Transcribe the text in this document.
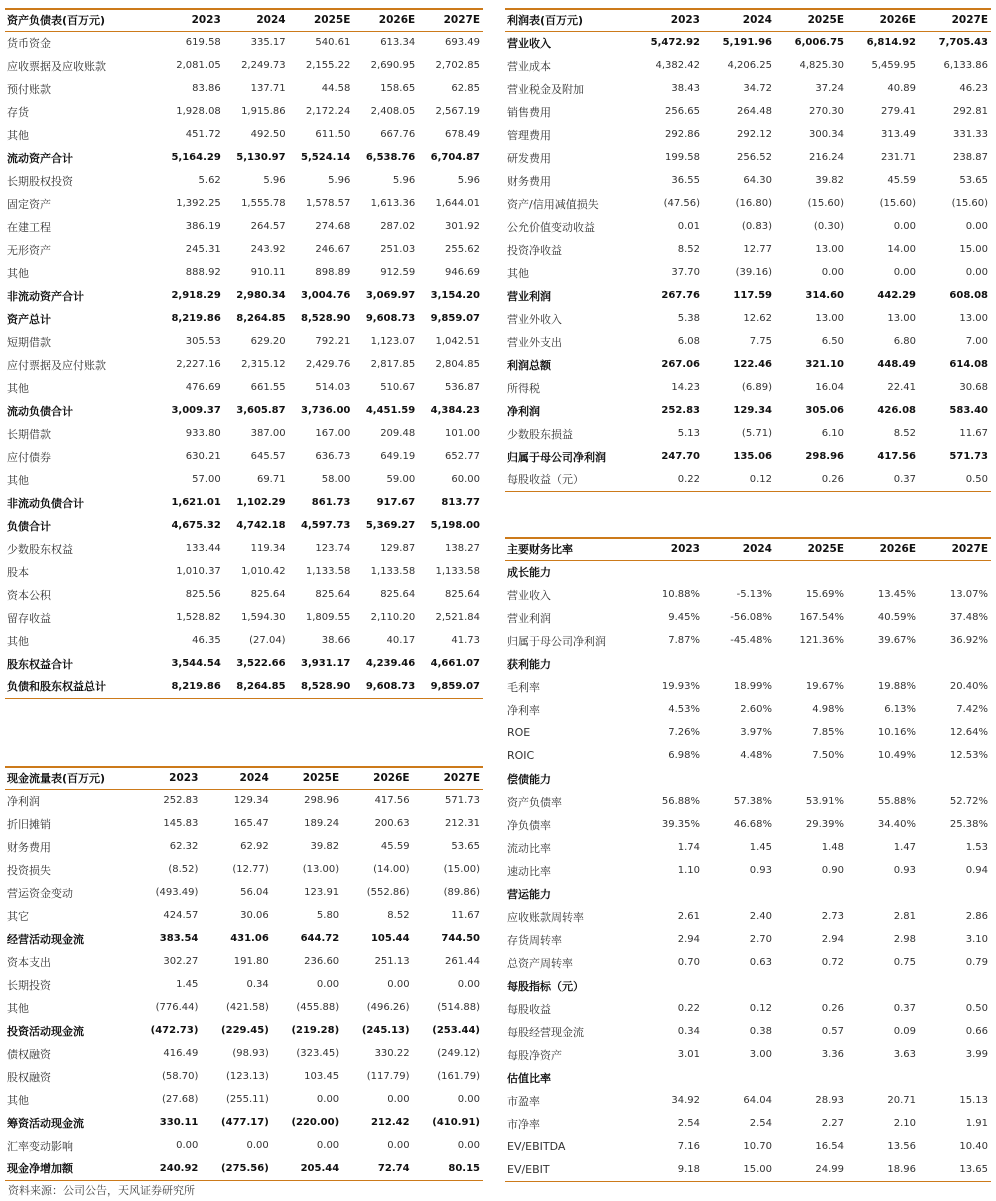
资产负债表(百万元)	2023	2024	2025E	2026E	2027E
货币资金	619.58	335.17	540.61	613.34	693.49
应收票据及应收账款	2,081.05	2,249.73	2,155.22	2,690.95	2,702.85
预付账款	83.86	137.71	44.58	158.65	62.85
存货	1,928.08	1,915.86	2,172.24	2,408.05	2,567.19
其他	451.72	492.50	611.50	667.76	678.49
流动资产合计	5,164.29	5,130.97	5,524.14	6,538.76	6,704.87
长期股权投资	5.62	5.96	5.96	5.96	5.96
固定资产	1,392.25	1,555.78	1,578.57	1,613.36	1,644.01
在建工程	386.19	264.57	274.68	287.02	301.92
无形资产	245.31	243.92	246.67	251.03	255.62
其他	888.92	910.11	898.89	912.59	946.69
非流动资产合计	2,918.29	2,980.34	3,004.76	3,069.97	3,154.20
资产总计	8,219.86	8,264.85	8,528.90	9,608.73	9,859.07
短期借款	305.53	629.20	792.21	1,123.07	1,042.51
应付票据及应付账款	2,227.16	2,315.12	2,429.76	2,817.85	2,804.85
其他	476.69	661.55	514.03	510.67	536.87
流动负债合计	3,009.37	3,605.87	3,736.00	4,451.59	4,384.23
长期借款	933.80	387.00	167.00	209.48	101.00
应付债券	630.21	645.57	636.73	649.19	652.77
其他	57.00	69.71	58.00	59.00	60.00
非流动负债合计	1,621.01	1,102.29	861.73	917.67	813.77
负债合计	4,675.32	4,742.18	4,597.73	5,369.27	5,198.00
少数股东权益	133.44	119.34	123.74	129.87	138.27
股本	1,010.37	1,010.42	1,133.58	1,133.58	1,133.58
资本公积	825.56	825.64	825.64	825.64	825.64
留存收益	1,528.82	1,594.30	1,809.55	2,110.20	2,521.84
其他	46.35	(27.04)	38.66	40.17	41.73
股东权益合计	3,544.54	3,522.66	3,931.17	4,239.46	4,661.07
负债和股东权益总计	8,219.86	8,264.85	8,528.90	9,608.73	9,859.07
利润表(百万元)	2023	2024	2025E	2026E	2027E
营业收入	5,472.92	5,191.96	6,006.75	6,814.92	7,705.43
营业成本	4,382.42	4,206.25	4,825.30	5,459.95	6,133.86
营业税金及附加	38.43	34.72	37.24	40.89	46.23
销售费用	256.65	264.48	270.30	279.41	292.81
管理费用	292.86	292.12	300.34	313.49	331.33
研发费用	199.58	256.52	216.24	231.71	238.87
财务费用	36.55	64.30	39.82	45.59	53.65
资产/信用减值损失	(47.56)	(16.80)	(15.60)	(15.60)	(15.60)
公允价值变动收益	0.01	(0.83)	(0.30)	0.00	0.00
投资净收益	8.52	12.77	13.00	14.00	15.00
其他	37.70	(39.16)	0.00	0.00	0.00
营业利润	267.76	117.59	314.60	442.29	608.08
营业外收入	5.38	12.62	13.00	13.00	13.00
营业外支出	6.08	7.75	6.50	6.80	7.00
利润总额	267.06	122.46	321.10	448.49	614.08
所得税	14.23	(6.89)	16.04	22.41	30.68
净利润	252.83	129.34	305.06	426.08	583.40
少数股东损益	5.13	(5.71)	6.10	8.52	11.67
归属于母公司净利润	247.70	135.06	298.96	417.56	571.73
每股收益（元）	0.22	0.12	0.26	0.37	0.50
现金流量表(百万元)	2023	2024	2025E	2026E	2027E
净利润	252.83	129.34	298.96	417.56	571.73
折旧摊销	145.83	165.47	189.24	200.63	212.31
财务费用	62.32	62.92	39.82	45.59	53.65
投资损失	(8.52)	(12.77)	(13.00)	(14.00)	(15.00)
营运资金变动	(493.49)	56.04	123.91	(552.86)	(89.86)
其它	424.57	30.06	5.80	8.52	11.67
经营活动现金流	383.54	431.06	644.72	105.44	744.50
资本支出	302.27	191.80	236.60	251.13	261.44
长期投资	1.45	0.34	0.00	0.00	0.00
其他	(776.44)	(421.58)	(455.88)	(496.26)	(514.88)
投资活动现金流	(472.73)	(229.45)	(219.28)	(245.13)	(253.44)
债权融资	416.49	(98.93)	(323.45)	330.22	(249.12)
股权融资	(58.70)	(123.13)	103.45	(117.79)	(161.79)
其他	(27.68)	(255.11)	0.00	0.00	0.00
筹资活动现金流	330.11	(477.17)	(220.00)	212.42	(410.91)
汇率变动影响	0.00	0.00	0.00	0.00	0.00
现金净增加额	240.92	(275.56)	205.44	72.74	80.15
主要财务比率	2023	2024	2025E	2026E	2027E
成长能力					
营业收入	10.88%	-5.13%	15.69%	13.45%	13.07%
营业利润	9.45%	-56.08%	167.54%	40.59%	37.48%
归属于母公司净利润	7.87%	-45.48%	121.36%	39.67%	36.92%
获利能力					
毛利率	19.93%	18.99%	19.67%	19.88%	20.40%
净利率	4.53%	2.60%	4.98%	6.13%	7.42%
ROE	7.26%	3.97%	7.85%	10.16%	12.64%
ROIC	6.98%	4.48%	7.50%	10.49%	12.53%
偿债能力					
资产负债率	56.88%	57.38%	53.91%	55.88%	52.72%
净负债率	39.35%	46.68%	29.39%	34.40%	25.38%
流动比率	1.74	1.45	1.48	1.47	1.53
速动比率	1.10	0.93	0.90	0.93	0.94
营运能力					
应收账款周转率	2.61	2.40	2.73	2.81	2.86
存货周转率	2.94	2.70	2.94	2.98	3.10
总资产周转率	0.70	0.63	0.72	0.75	0.79
每股指标（元）					
每股收益	0.22	0.12	0.26	0.37	0.50
每股经营现金流	0.34	0.38	0.57	0.09	0.66
每股净资产	3.01	3.00	3.36	3.63	3.99
估值比率					
市盈率	34.92	64.04	28.93	20.71	15.13
市净率	2.54	2.54	2.27	2.10	1.91
EV/EBITDA	7.16	10.70	16.54	13.56	10.40
EV/EBIT	9.18	15.00	24.99	18.96	13.65
资料来源：公司公告，天风证券研究所
